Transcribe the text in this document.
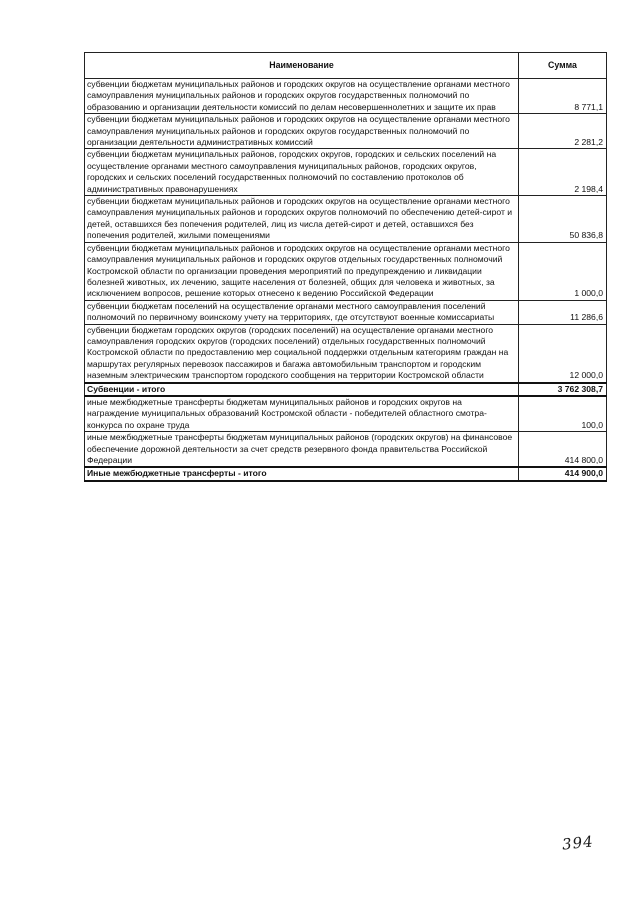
Наименование	Сумма
субвенции бюджетам муниципальных районов и городских округов на осуществление органами местного самоуправления муниципальных районов и городских округов государственных полномочий по образованию и организации деятельности комиссий по делам несовершеннолетних и защите их прав	8 771,1
субвенции бюджетам муниципальных районов и городских округов на осуществление органами местного самоуправления муниципальных районов и городских округов государственных полномочий по организации деятельности административных комиссий	2 281,2
субвенции бюджетам муниципальных районов, городских округов, городских и сельских поселений на осуществление органами местного самоуправления муниципальных районов, городских округов, городских и сельских поселений государственных полномочий по составлению протоколов об административных правонарушениях	2 198,4
субвенции бюджетам муниципальных районов и городских округов на осуществление органами местного самоуправления муниципальных районов и городских округов полномочий по обеспечению детей-сирот и детей, оставшихся без попечения родителей, лиц из числа детей-сирот и детей, оставшихся без попечения родителей, жилыми помещениями	50 836,8
субвенции бюджетам муниципальных районов и городских округов на осуществление органами местного самоуправления муниципальных районов и городских округов отдельных государственных полномочий Костромской области по организации проведения мероприятий по предупреждению и ликвидации болезней животных, их лечению, защите населения от болезней, общих для человека и животных, за исключением вопросов, решение которых отнесено к ведению Российской Федерации	1 000,0
субвенции бюджетам поселений на осуществление органами местного самоуправления поселений полномочий по первичному воинскому учету на территориях, где отсутствуют военные комиссариаты	11 286,6
субвенции бюджетам городских округов (городских поселений) на осуществление органами местного самоуправления городских округов (городских поселений) отдельных государственных полномочий Костромской области по предоставлению мер социальной поддержки отдельным категориям граждан на маршрутах регулярных перевозок пассажиров и багажа автомобильным транспортом и городским наземным электрическим транспортом городского сообщения на территории Костромской области	12 000,0
Субвенции - итого	3 762 308,7
иные межбюджетные трансферты бюджетам муниципальных районов и городских округов на награждение муниципальных образований Костромской области - победителей областного смотра-конкурса по охране труда	100,0
иные межбюджетные трансферты бюджетам муниципальных районов (городских округов) на финансовое обеспечение дорожной деятельности за счет средств резервного фонда правительства Российской Федерации	414 800,0
Иные межбюджетные трансферты - итого	414 900,0
394
